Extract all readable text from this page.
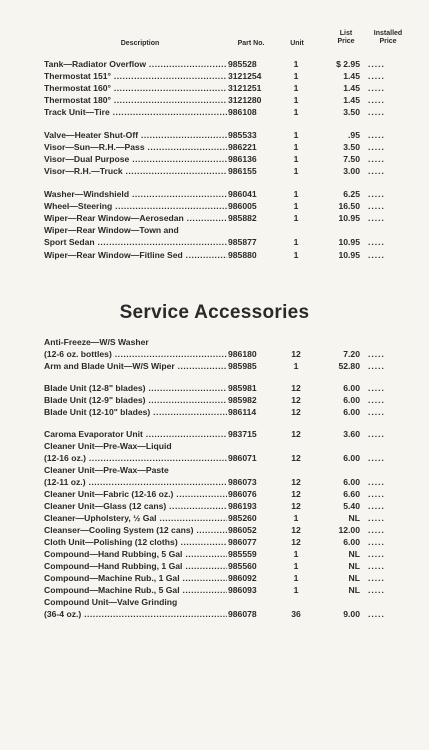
Description	Part No.	Unit
List
Price
Installed
Price
Tank—Radiator Overflow .....	985528	1	$ 2.95 .....
Thermostat 151° .....	3121254	1	1.45 .....
Thermostat 160° .....	3121251	1	1.45 .....
Thermostat 180° .....	3121280	1	1.45 .....
Track Unit—Tire .....	986108	1	3.50 .....
Valve—Heater Shut-Off .....	985533	1	.95 .....
Visor—Sun—R.H.—Pass .....	986221	1	3.50 .....
Visor—Dual Purpose .....	986136	1	7.50 .....
Visor—R.H.—Truck .....	986155	1	3.00 .....
Washer—Windshield .....	986041	1	6.25 .....
Wheel—Steering .....	986005	1	16.50 .....
Wiper—Rear Window—Aerosedan .....	985882	1	10.95 .....
Wiper—Rear Window—Town and
Sport Sedan .....	985877	1	10.95 .....
Wiper—Rear Window—Fitline Sed .....	985880	1	10.95 .....
Service Accessories
Anti-Freeze—W/S Washer
(12-6 oz. bottles) .....	986180	12	7.20 .....
Arm and Blade Unit—W/S Wiper .....	985985	1	52.80 .....
Blade Unit (12-8" blades) .....	985981	12	6.00 .....
Blade Unit (12-9" blades) .....	985982	12	6.00 .....
Blade Unit (12-10" blades) .....	986114	12	6.00 .....
Caroma Evaporator Unit .....	983715	12	3.60 .....
Cleaner Unit—Pre-Wax—Liquid
(12-16 oz.) .....	986071	12	6.00 .....
Cleaner Unit—Pre-Wax—Paste
(12-11 oz.) .....	986073	12	6.00 .....
Cleaner Unit—Fabric (12-16 oz.) .....	986076	12	6.60 .....
Cleaner Unit—Glass (12 cans) .....	986193	12	5.40 .....
Cleaner—Upholstery, ½ Gal .....	985260	1	NL .....
Cleanser—Cooling System (12 cans) .....	986052	12	12.00 .....
Cloth Unit—Polishing (12 cloths) .....	986077	12	6.00 .....
Compound—Hand Rubbing, 5 Gal .....	985559	1	NL .....
Compound—Hand Rubbing, 1 Gal .....	985560	1	NL .....
Compound—Machine Rub., 1 Gal .....	986092	1	NL .....
Compound—Machine Rub., 5 Gal .....	986093	1	NL .....
Compound Unit—Valve Grinding
(36-4 oz.) .....	986078	36	9.00 .....
